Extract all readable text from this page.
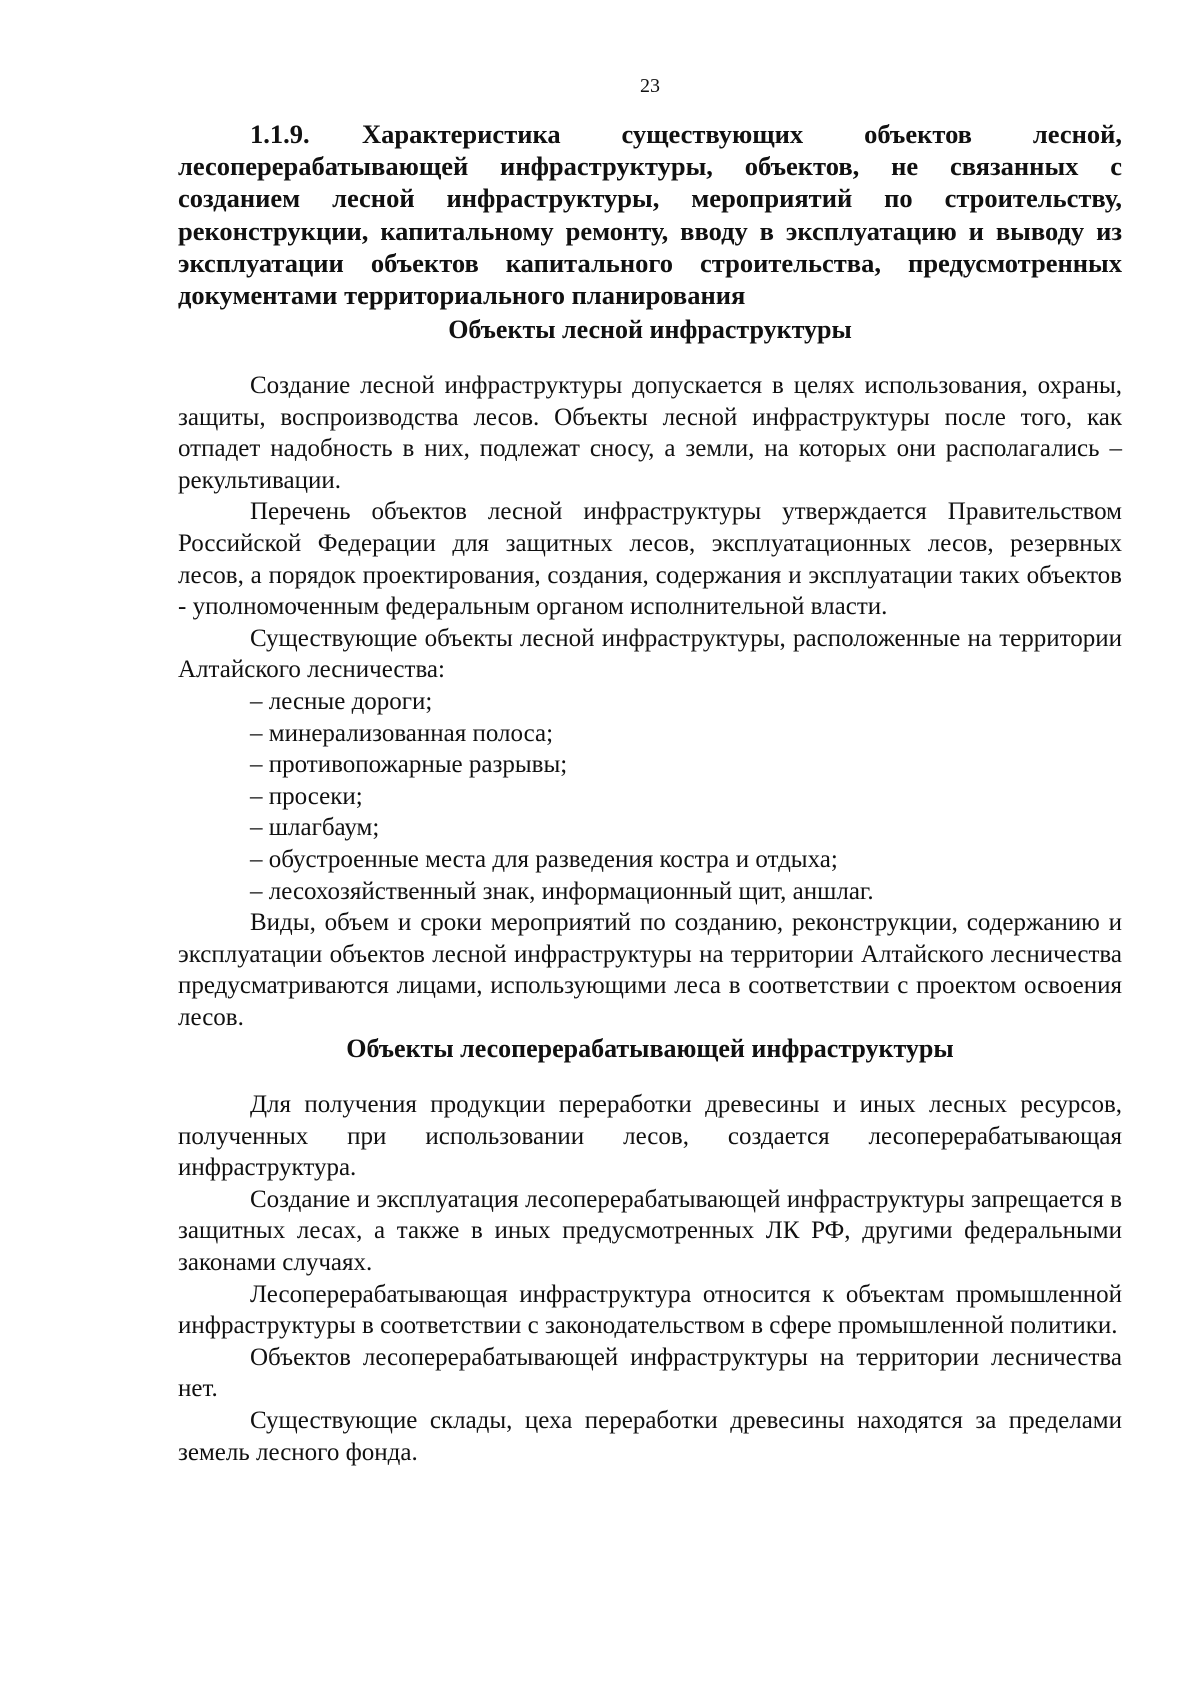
23
1.1.9. Характеристика существующих объектов лесной, лесоперерабатывающей инфраструктуры, объектов, не связанных с созданием лесной инфраструктуры, мероприятий по строительству, реконструкции, капитальному ремонту, вводу в эксплуатацию и выводу из эксплуатации объектов капитального строительства, предусмотренных документами территориального планирования
Объекты лесной инфраструктуры

Создание лесной инфраструктуры допускается в целях использования, охраны, защиты, воспроизводства лесов. Объекты лесной инфраструктуры после того, как отпадет надобность в них, подлежат сносу, а земли, на которых они располагались – рекультивации.

Перечень объектов лесной инфраструктуры утверждается Правительством Российской Федерации для защитных лесов, эксплуатационных лесов, резервных лесов, а порядок проектирования, создания, содержания и эксплуатации таких объектов - уполномоченным федеральным органом исполнительной власти.

Существующие объекты лесной инфраструктуры, расположенные на территории Алтайского лесничества:

– лесные дороги;
– минерализованная полоса;
– противопожарные разрывы;
– просеки;
– шлагбаум;
– обустроенные места для разведения костра и отдыха;
– лесохозяйственный знак, информационный щит, аншлаг.

Виды, объем и сроки мероприятий по созданию, реконструкции, содержанию и эксплуатации объектов лесной инфраструктуры на территории Алтайского лесничества предусматриваются лицами, использующими леса в соответствии с проектом освоения лесов.

Объекты лесоперерабатывающей инфраструктуры

Для получения продукции переработки древесины и иных лесных ресурсов, полученных при использовании лесов, создается лесоперерабатывающая инфраструктура.

Создание и эксплуатация лесоперерабатывающей инфраструктуры запрещается в защитных лесах, а также в иных предусмотренных ЛК РФ, другими федеральными законами случаях.

Лесоперерабатывающая инфраструктура относится к объектам промышленной инфраструктуры в соответствии с законодательством в сфере промышленной политики.

Объектов лесоперерабатывающей инфраструктуры на территории лесничества нет.

Существующие склады, цеха переработки древесины находятся за пределами земель лесного фонда.
